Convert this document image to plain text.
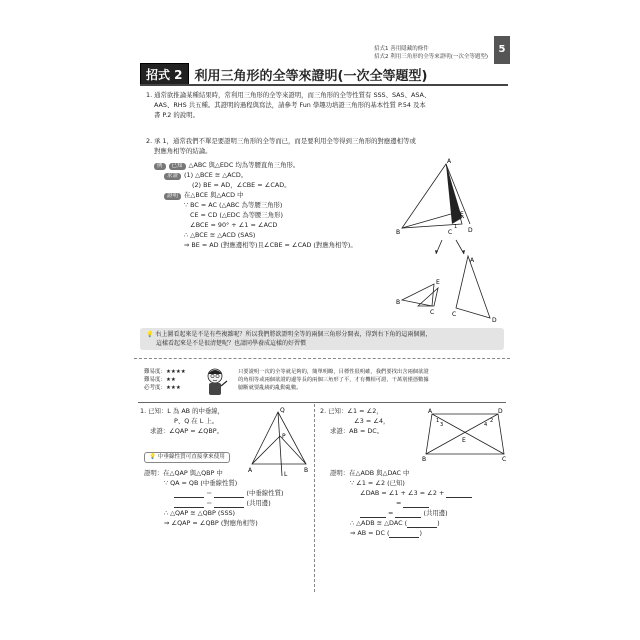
招式1 善用隱藏的條件
招式2 利用三角形的全等來證明(一次全等題型)
5
招式 2 利用三角形的全等來證明(一次全等題型)
1. 通常欲推論某種結果時，常利用三角形的全等來證明，而三角形的全等性質有 SSS、SAS、ASA、
AAS、RHS 共五種。其證明的過程與寫法，請參考 Fun 學趣功培證三角形的基本性質 P.54 及本
書 P.2 的說明。
2. 承 1，通常我們不單是要證明三角形的全等而已，而是要利用全等得到三角形的對應邊相等或
對應角相等的結論。
例 已知 △ABC 與△EDC 均為等腰直角三角形。
求證 (1) △BCE ≅ △ACD。
(2) BE = AD，∠CBE = ∠CAD。
證明 在△BCE 與△ACD 中
∵ BC = AC (△ABC 為等腰三角形)
CE = CD (△EDC 為等腰三角形)
∠BCE = 90° + ∠1 = ∠ACD
∴ △BCE ≅ △ACD (SAS)
⇒ BE = AD (對應邊相等)且∠CBE = ∠CAD (對應角相等)。
A
B	C	D
E
1
B
E
C
A
D
C
💡 右上圖看起來是不是有些複雜呢？所以我們將欲證明全等的兩個三角形分開表，得到右下角的這兩個圖，
這樣看起來是不是很清楚呢？也請同學養成這樣的好習慣
難易度：★★★★
難易度：★★
必考度：★★★
只要證明一次的全等就足夠的，簡單明瞭，目標性很明確，我們要找出含兩個欲證
的角相等或兩個欲證的邊等長的兩個三角形了平，才有機相可證，干萬別僅憑數據
臆斷就要亂繞的亂動亂數。
1. 已知：L 為 AB 的中垂線，
P、Q 在 L 上。
求證：∠QAP = ∠QBP。
💡 中垂線性質可直接拿來使用
Q
P
A	B
L
證明：在△QAP 與△QBP 中
∵ QA = QB (中垂線性質)
＝	(中垂線性質)
＝	(共用邊)
∴ △QAP ≅ △QBP (SSS)
⇒ ∠QAP = ∠QBP (對應角相等)
2. 已知：∠1 = ∠2，
∠3 = ∠4，
求證：AB = DC。
A	D
B	C
E
1	2
3	4
證明：在△ADB 與△DAC 中
∵ ∠1 = ∠2 (已知)
∠DAB = ∠1 + ∠3 = ∠2 +
=
=	(共用邊)
∴ △ADB ≅ △DAC (	)
⇒ AB = DC (	)
